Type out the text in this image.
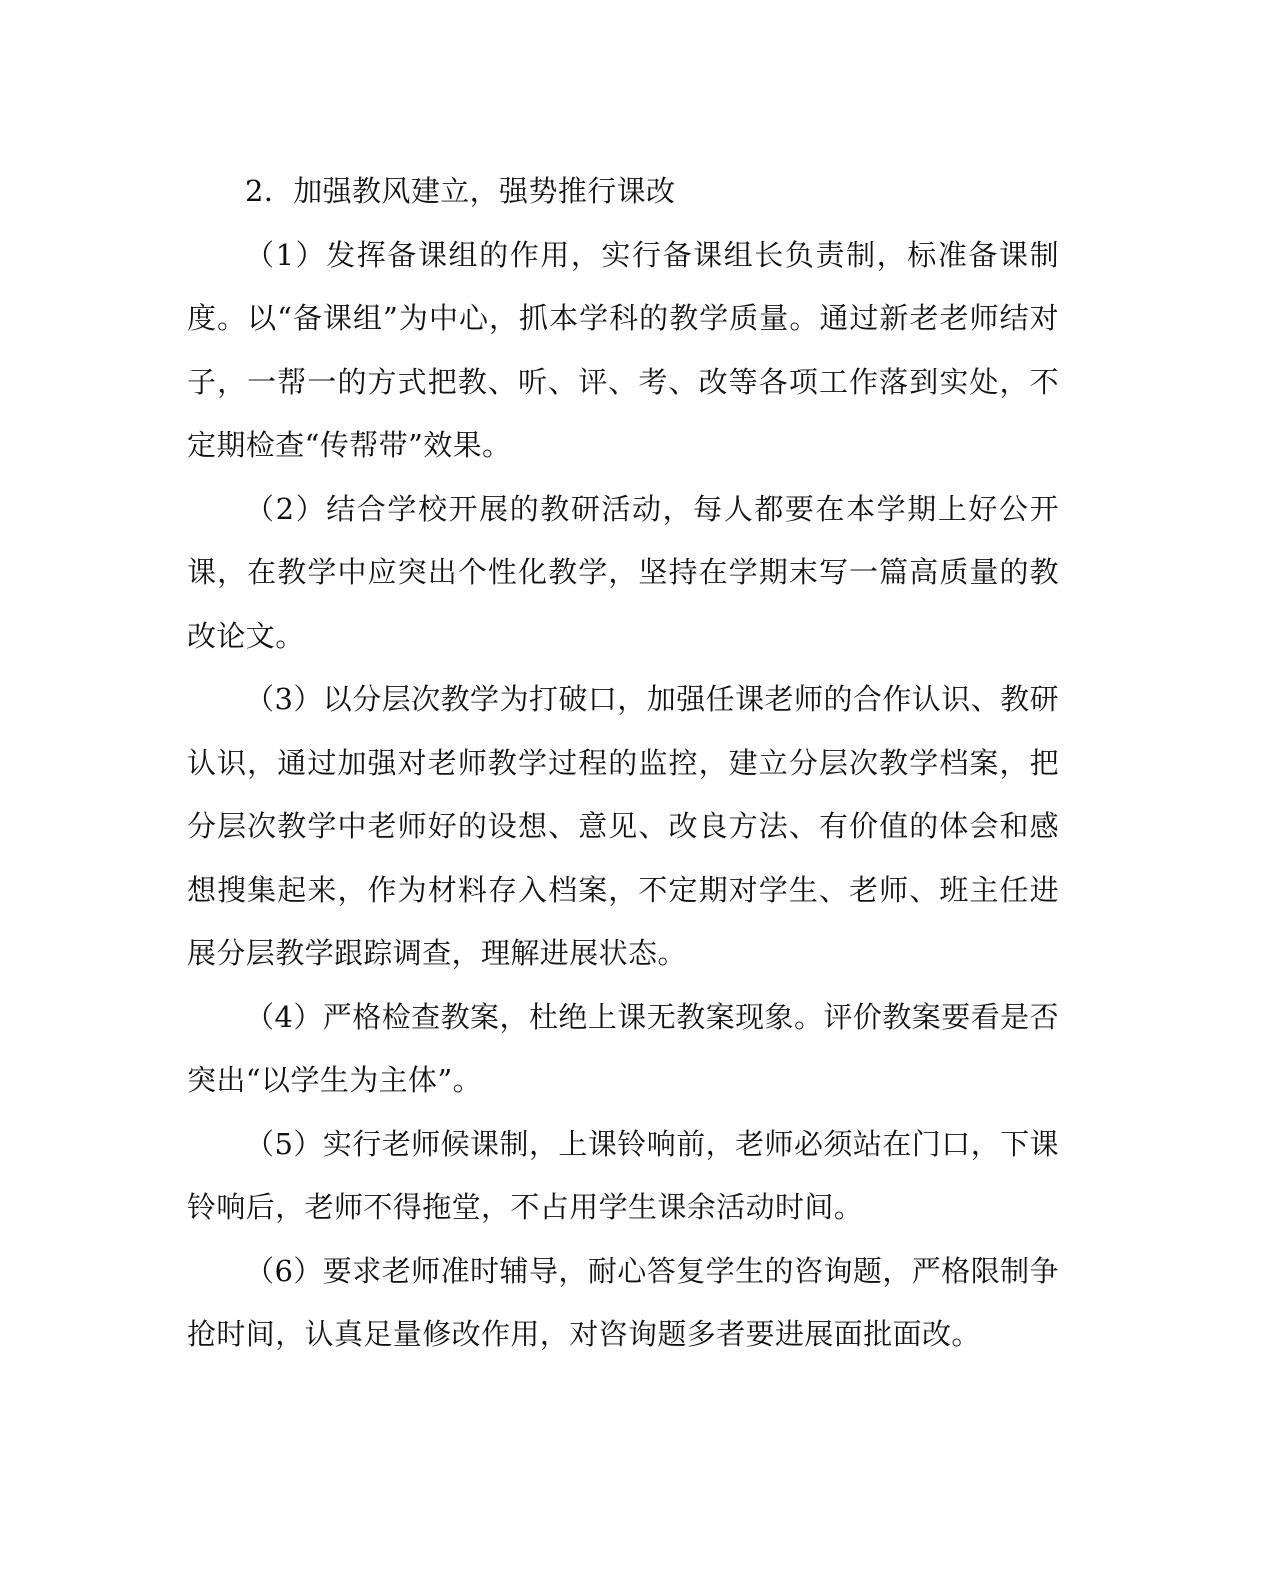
2．加强教风建立，强势推行课改

（1）发挥备课组的作用，实行备课组长负责制，标准备课制度。以“备课组”为中心，抓本学科的教学质量。通过新老老师结对子，一帮一的方式把教、听、评、考、改等各项工作落到实处，不定期检查“传帮带”效果。

（2）结合学校开展的教研活动，每人都要在本学期上好公开课，在教学中应突出个性化教学，坚持在学期末写一篇高质量的教改论文。

（3）以分层次教学为打破口，加强任课老师的合作认识、教研认识，通过加强对老师教学过程的监控，建立分层次教学档案，把分层次教学中老师好的设想、意见、改良方法、有价值的体会和感想搜集起来，作为材料存入档案，不定期对学生、老师、班主任进展分层教学跟踪调查，理解进展状态。

（4）严格检查教案，杜绝上课无教案现象。评价教案要看是否突出“以学生为主体”。

（5）实行老师候课制，上课铃响前，老师必须站在门口，下课铃响后，老师不得拖堂，不占用学生课余活动时间。

（6）要求老师准时辅导，耐心答复学生的咨询题，严格限制争抢时间，认真足量修改作用，对咨询题多者要进展面批面改。
